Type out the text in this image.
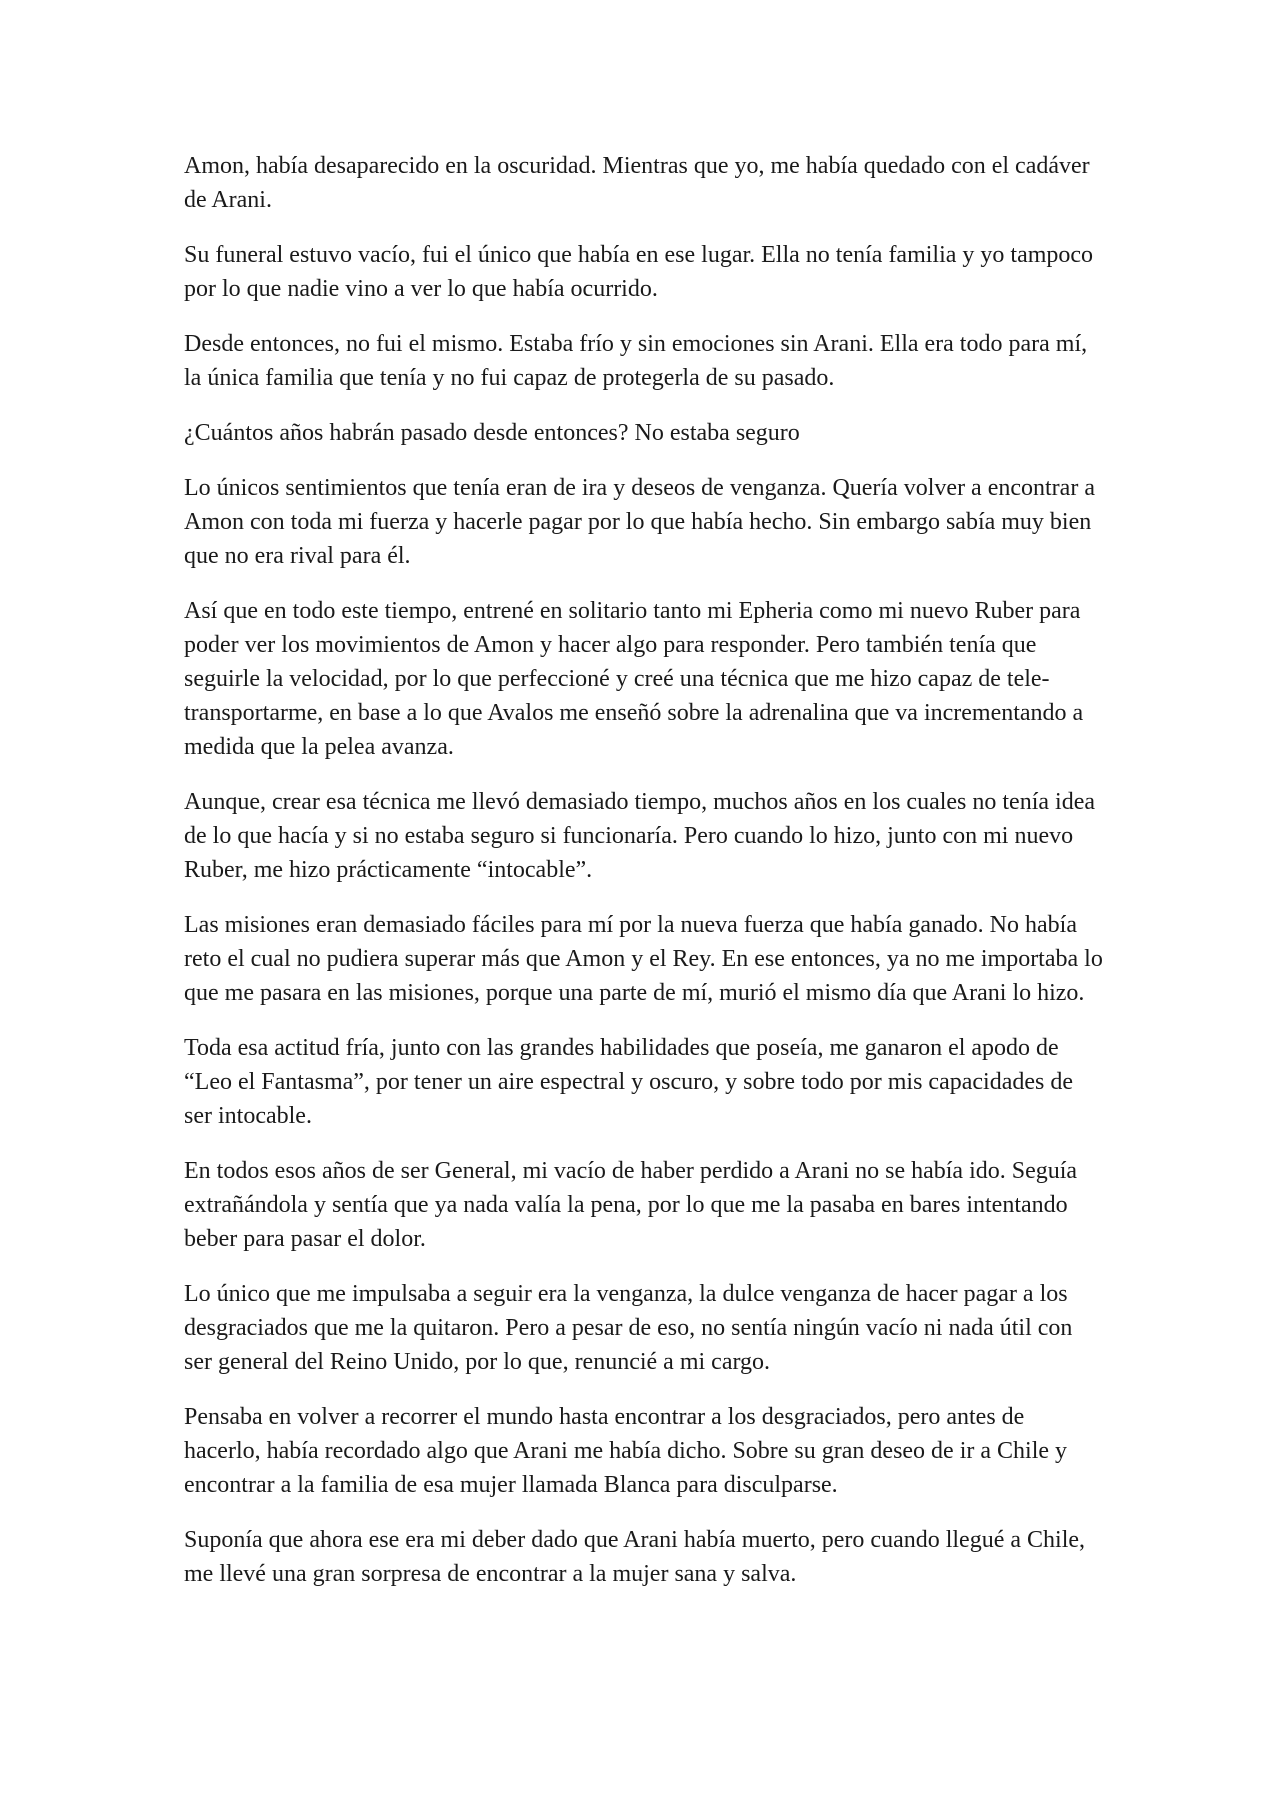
Amon, había desaparecido en la oscuridad. Mientras que yo, me había quedado con el cadáver de Arani.

Su funeral estuvo vacío, fui el único que había en ese lugar. Ella no tenía familia y yo tampoco por lo que nadie vino a ver lo que había ocurrido.

Desde entonces, no fui el mismo. Estaba frío y sin emociones sin Arani. Ella era todo para mí, la única familia que tenía y no fui capaz de protegerla de su pasado.

¿Cuántos años habrán pasado desde entonces? No estaba seguro

Lo únicos sentimientos que tenía eran de ira y deseos de venganza. Quería volver a encontrar a Amon con toda mi fuerza y hacerle pagar por lo que había hecho. Sin embargo sabía muy bien que no era rival para él.

Así que en todo este tiempo, entrené en solitario tanto mi Epheria como mi nuevo Ruber para poder ver los movimientos de Amon y hacer algo para responder. Pero también tenía que seguirle la velocidad, por lo que perfeccioné y creé una técnica que me hizo capaz de tele-transportarme, en base a lo que Avalos me enseñó sobre la adrenalina que va incrementando a medida que la pelea avanza.

Aunque, crear esa técnica me llevó demasiado tiempo, muchos años en los cuales no tenía idea de lo que hacía y si no estaba seguro si funcionaría. Pero cuando lo hizo, junto con mi nuevo Ruber, me hizo prácticamente “intocable”.

Las misiones eran demasiado fáciles para mí por la nueva fuerza que había ganado. No había reto el cual no pudiera superar más que Amon y el Rey. En ese entonces, ya no me importaba lo que me pasara en las misiones, porque una parte de mí, murió el mismo día que Arani lo hizo.

Toda esa actitud fría, junto con las grandes habilidades que poseía, me ganaron el apodo de “Leo el Fantasma”, por tener un aire espectral y oscuro, y sobre todo por mis capacidades de ser intocable.

En todos esos años de ser General, mi vacío de haber perdido a Arani no se había ido. Seguía extrañándola y sentía que ya nada valía la pena, por lo que me la pasaba en bares intentando beber para pasar el dolor.

Lo único que me impulsaba a seguir era la venganza, la dulce venganza de hacer pagar a los desgraciados que me la quitaron. Pero a pesar de eso, no sentía ningún vacío ni nada útil con ser general del Reino Unido, por lo que, renuncié a mi cargo.

Pensaba en volver a recorrer el mundo hasta encontrar a los desgraciados, pero antes de hacerlo, había recordado algo que Arani me había dicho. Sobre su gran deseo de ir a Chile y encontrar a la familia de esa mujer llamada Blanca para disculparse.

Suponía que ahora ese era mi deber dado que Arani había muerto, pero cuando llegué a Chile, me llevé una gran sorpresa de encontrar a la mujer sana y salva.
